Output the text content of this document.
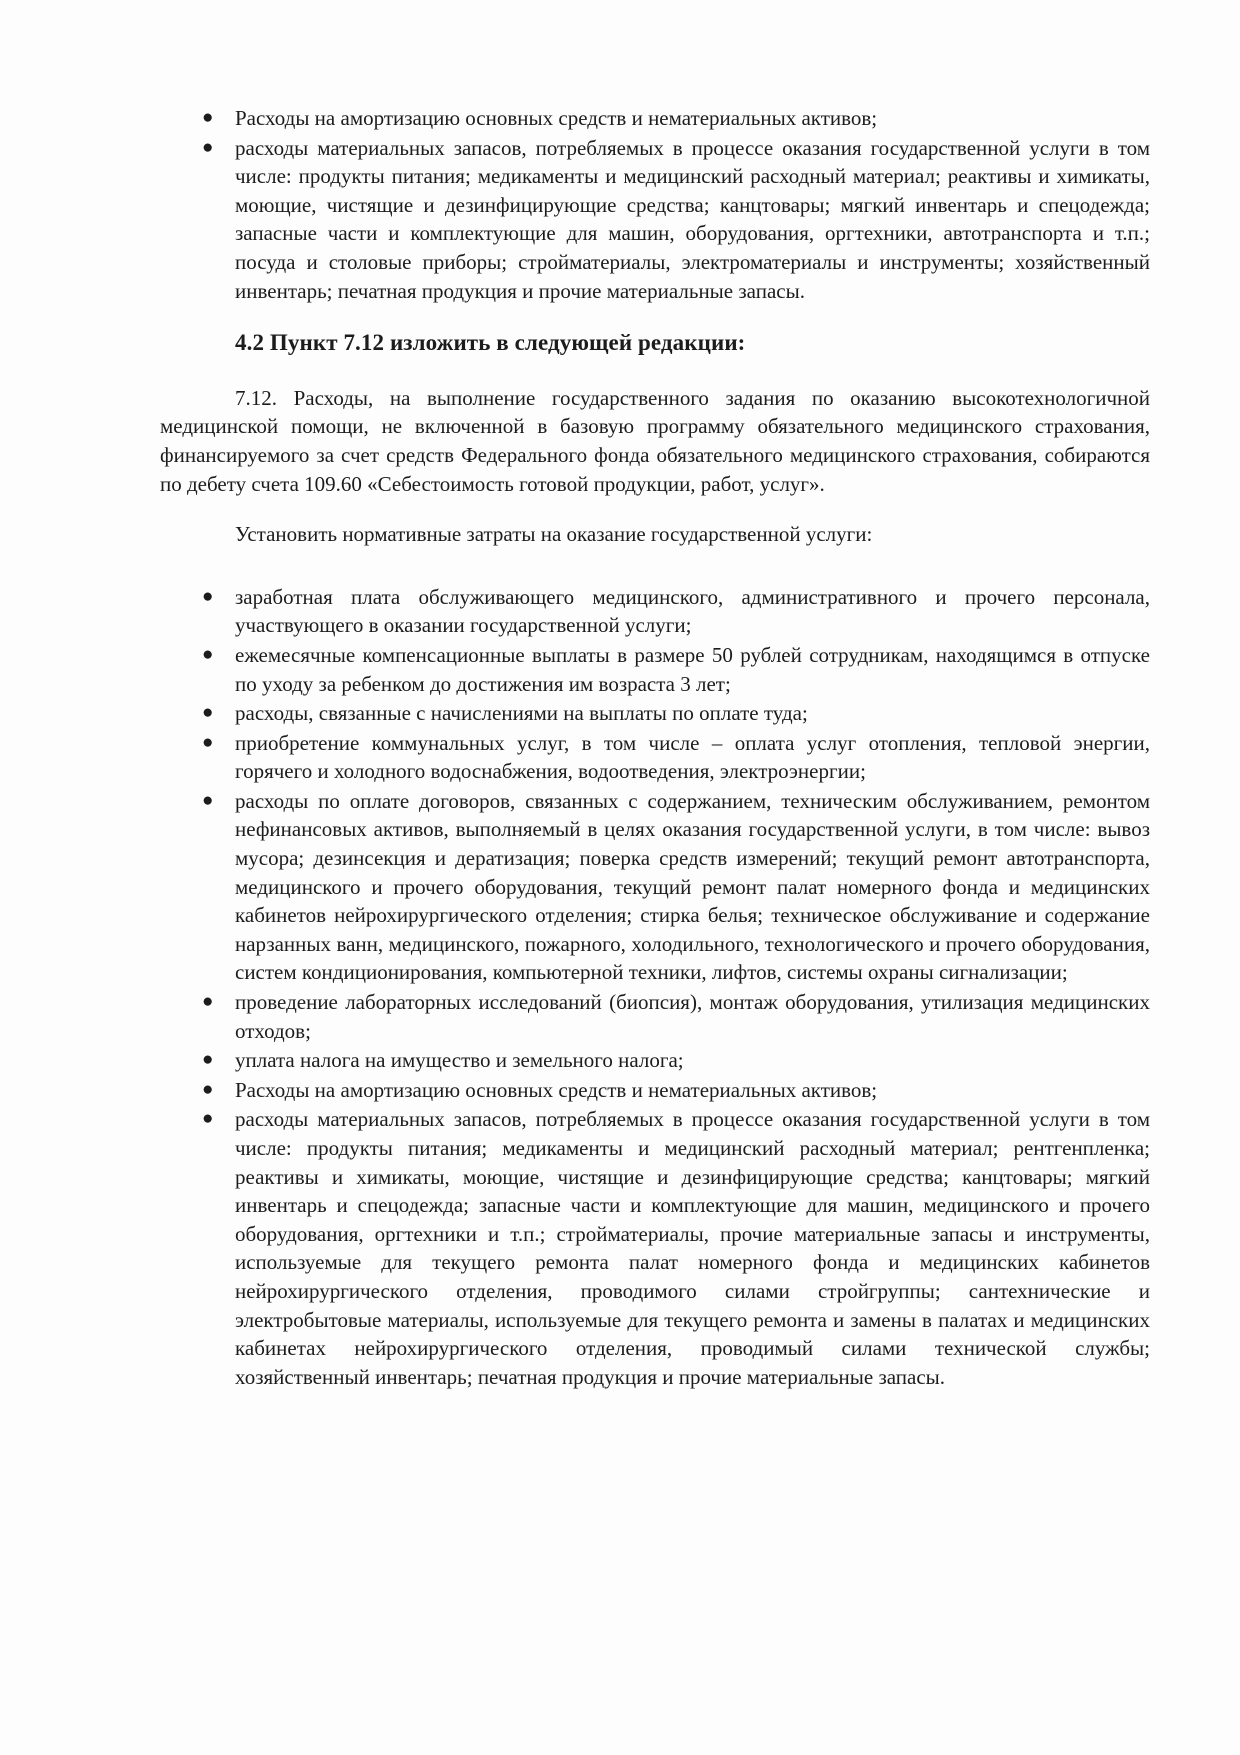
● Расходы на амортизацию основных средств и нематериальных активов;
● расходы материальных запасов, потребляемых в процессе оказания государственной услуги в том числе: продукты питания; медикаменты и медицинский расходный материал; реактивы и химикаты, моющие, чистящие и дезинфицирующие средства; канцтовары; мягкий инвентарь и спецодежда; запасные части и комплектующие для машин, оборудования, оргтехники, автотранспорта и т.п.; посуда и столовые приборы; стройматериалы, электроматериалы и инструменты; хозяйственный инвентарь; печатная продукция и прочие материальные запасы.
4.2 Пункт 7.12 изложить в следующей редакции:

7.12. Расходы, на выполнение государственного задания по оказанию высокотехнологичной медицинской помощи, не включенной в базовую программу обязательного медицинского страхования, финансируемого за счет средств Федерального фонда обязательного медицинского страхования, собираются по дебету счета 109.60 «Себестоимость готовой продукции, работ, услуг».

Установить нормативные затраты на оказание государственной услуги:
● заработная плата обслуживающего медицинского, административного и прочего персонала, участвующего в оказании государственной услуги;
● ежемесячные компенсационные выплаты в размере 50 рублей сотрудникам, находящимся в отпуске по уходу за ребенком до достижения им возраста 3 лет;
● расходы, связанные с начислениями на выплаты по оплате туда;
● приобретение коммунальных услуг, в том числе – оплата услуг отопления, тепловой энергии, горячего и холодного водоснабжения, водоотведения, электроэнергии;
● расходы по оплате договоров, связанных с содержанием, техническим обслуживанием, ремонтом нефинансовых активов, выполняемый в целях оказания государственной услуги, в том числе: вывоз мусора; дезинсекция и дератизация; поверка средств измерений; текущий ремонт автотранспорта, медицинского и прочего оборудования, текущий ремонт палат номерного фонда и медицинских кабинетов нейрохирургического отделения; стирка белья; техническое обслуживание и содержание нарзанных ванн, медицинского, пожарного, холодильного, технологического и прочего оборудования, систем кондиционирования, компьютерной техники, лифтов, системы охраны сигнализации;
● проведение лабораторных исследований (биопсия), монтаж оборудования, утилизация медицинских отходов;
● уплата налога на имущество и земельного налога;
● Расходы на амортизацию основных средств и нематериальных активов;
● расходы материальных запасов, потребляемых в процессе оказания государственной услуги в том числе: продукты питания; медикаменты и медицинский расходный материал; рентгенпленка; реактивы и химикаты, моющие, чистящие и дезинфицирующие средства; канцтовары; мягкий инвентарь и спецодежда; запасные части и комплектующие для машин, медицинского и прочего оборудования, оргтехники и т.п.; стройматериалы, прочие материальные запасы и инструменты, используемые для текущего ремонта палат номерного фонда и медицинских кабинетов нейрохирургического отделения, проводимого силами стройгруппы; сантехнические и электробытовые материалы, используемые для текущего ремонта и замены в палатах и медицинских кабинетах нейрохирургического отделения, проводимый силами технической службы; хозяйственный инвентарь; печатная продукция и прочие материальные запасы.
